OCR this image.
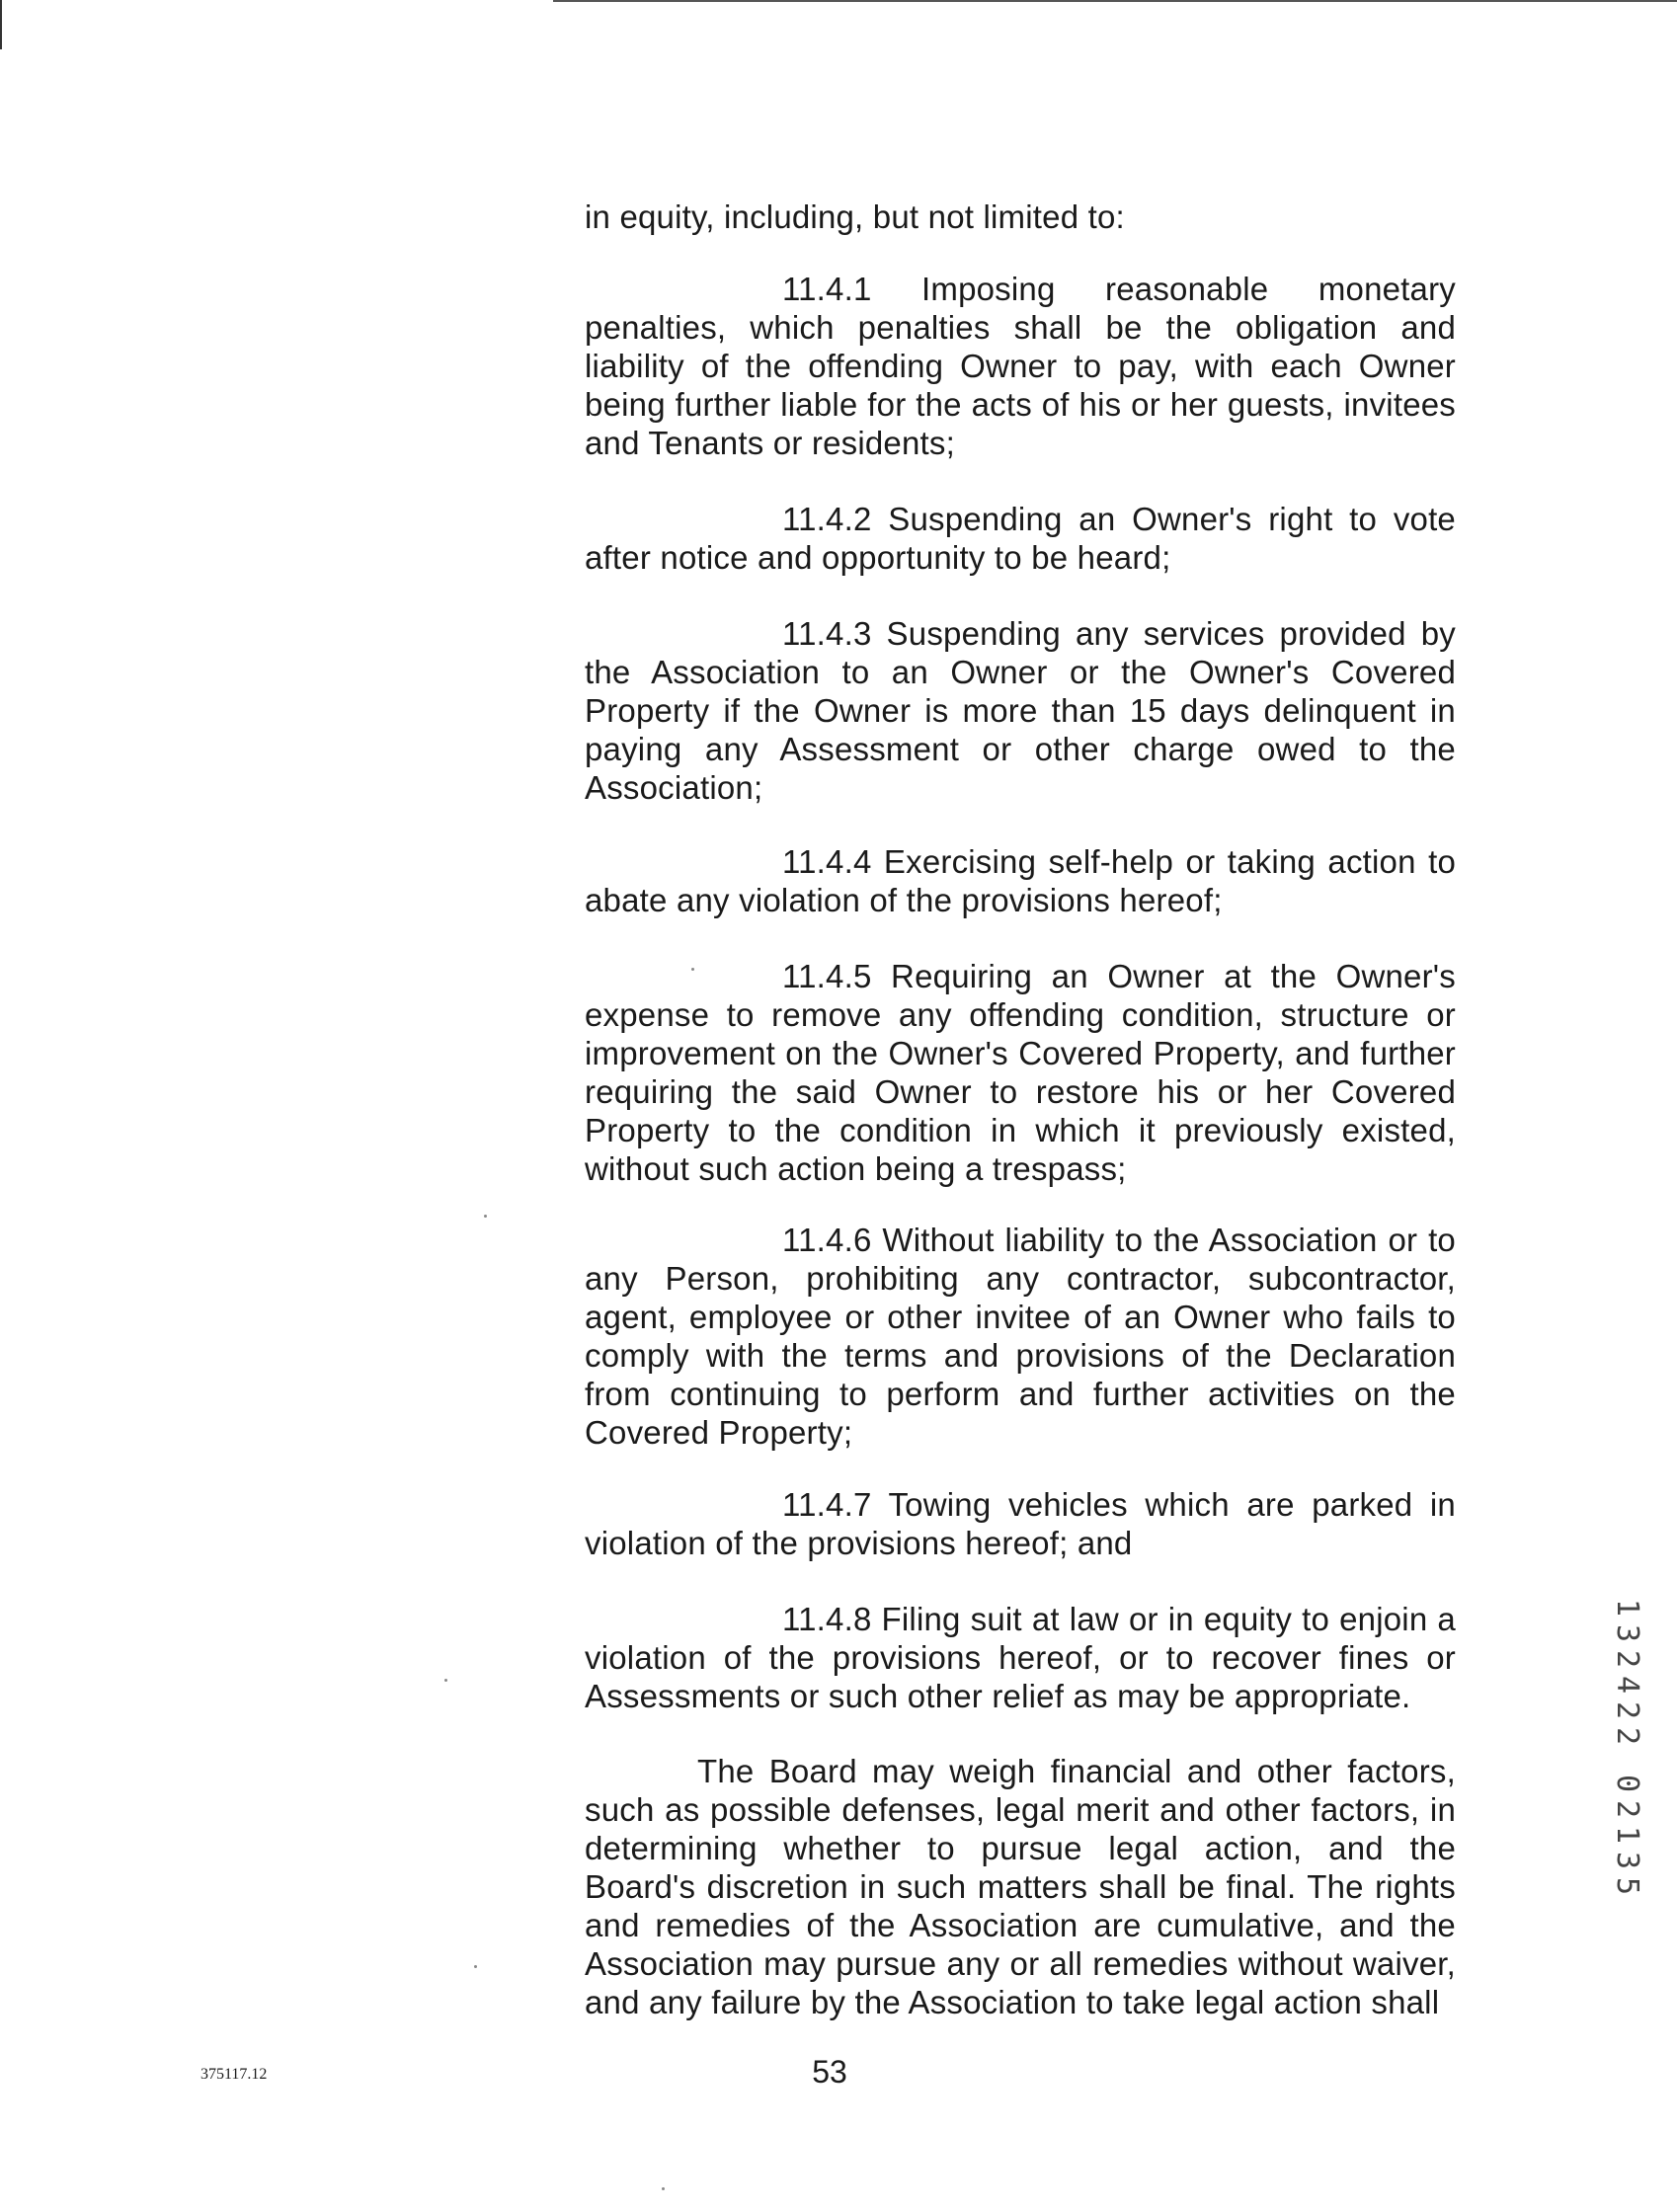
in equity, including, but not limited to:
11.4.1 Imposing reasonable monetary penalties, which penalties shall be the obligation and liability of the offending Owner to pay, with each Owner being further liable for the acts of his or her guests, invitees and Tenants or residents;
11.4.2 Suspending an Owner's right to vote after notice and opportunity to be heard;
11.4.3 Suspending any services provided by the Association to an Owner or the Owner's Covered Property if the Owner is more than 15 days delinquent in paying any Assessment or other charge owed to the Association;
11.4.4 Exercising self-help or taking action to abate any violation of the provisions hereof;
11.4.5 Requiring an Owner at the Owner's expense to remove any offending condition, structure or improvement on the Owner's Covered Property, and further requiring the said Owner to restore his or her Covered Property to the condition in which it previously existed, without such action being a trespass;
11.4.6 Without liability to the Association or to any Person, prohibiting any contractor, subcontractor, agent, employee or other invitee of an Owner who fails to comply with the terms and provisions of the Declaration from continuing to perform and further activities on the Covered Property;
11.4.7 Towing vehicles which are parked in violation of the provisions hereof; and
11.4.8 Filing suit at law or in equity to enjoin a violation of the provisions hereof, or to recover fines or Assessments or such other relief as may be appropriate.
The Board may weigh financial and other factors, such as possible defenses, legal merit and other factors, in determining whether to pursue legal action, and the Board's discretion in such matters shall be final. The rights and remedies of the Association are cumulative, and the Association may pursue any or all remedies without waiver, and any failure by the Association to take legal action shall
1
3
2
4
2
2
0
2
1
3
5
375117.12	53
